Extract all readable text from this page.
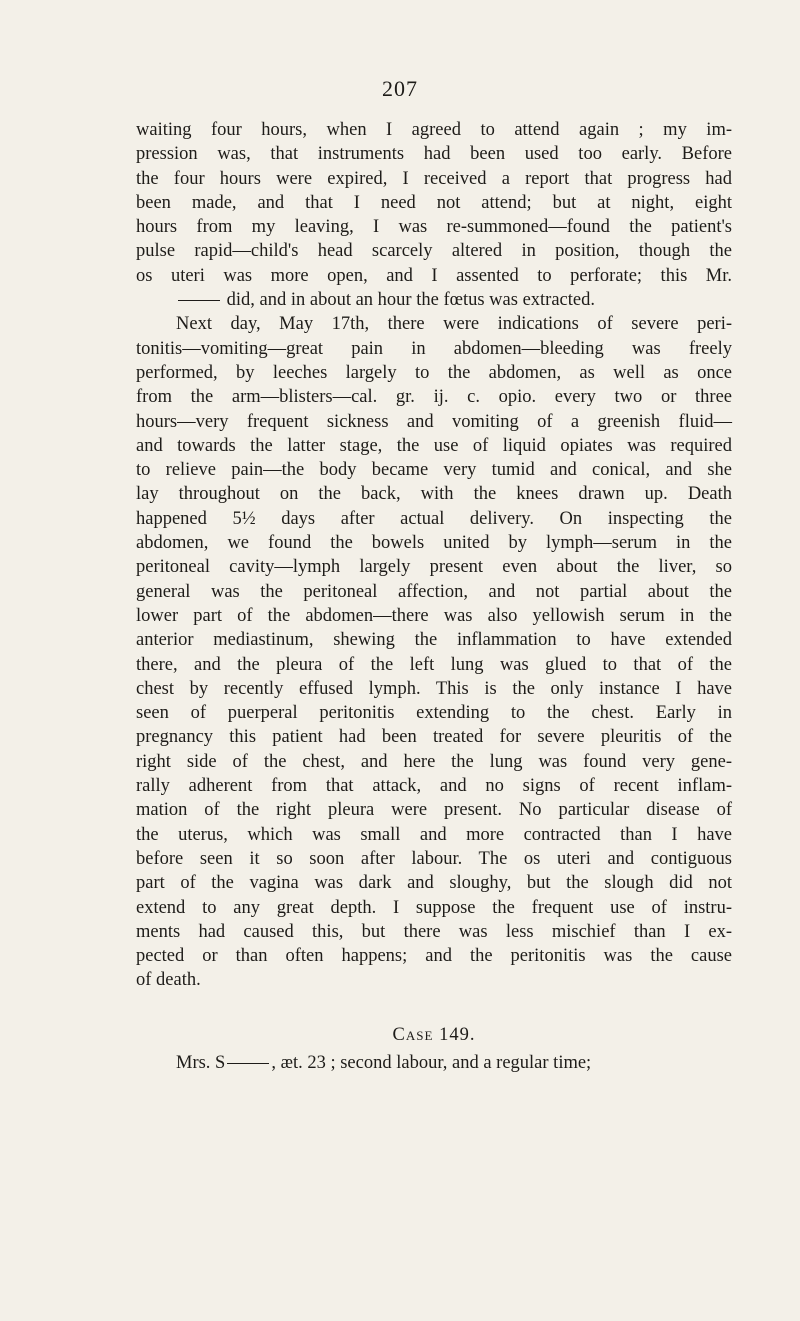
207
waiting four hours, when I agreed to attend again ; my im-
pression was, that instruments had been used too early. Before
the four hours were expired, I received a report that progress had
been made, and that I need not attend; but at night, eight
hours from my leaving, I was re-summoned—found the patient's
pulse rapid—child's head scarcely altered in position, though the
os uteri was more open, and I assented to perforate; this Mr.
did, and in about an hour the fœtus was extracted.
Next day, May 17th, there were indications of severe peri-
tonitis—vomiting—great pain in abdomen—bleeding was freely
performed, by leeches largely to the abdomen, as well as once
from the arm—blisters—cal. gr. ij. c. opio. every two or three
hours—very frequent sickness and vomiting of a greenish fluid—
and towards the latter stage, the use of liquid opiates was required
to relieve pain—the body became very tumid and conical, and she
lay throughout on the back, with the knees drawn up. Death
happened 5½ days after actual delivery. On inspecting the
abdomen, we found the bowels united by lymph—serum in the
peritoneal cavity—lymph largely present even about the liver, so
general was the peritoneal affection, and not partial about the
lower part of the abdomen—there was also yellowish serum in the
anterior mediastinum, shewing the inflammation to have extended
there, and the pleura of the left lung was glued to that of the
chest by recently effused lymph. This is the only instance I have
seen of puerperal peritonitis extending to the chest. Early in
pregnancy this patient had been treated for severe pleuritis of the
right side of the chest, and here the lung was found very gene-
rally adherent from that attack, and no signs of recent inflam-
mation of the right pleura were present. No particular disease of
the uterus, which was small and more contracted than I have
before seen it so soon after labour. The os uteri and contiguous
part of the vagina was dark and sloughy, but the slough did not
extend to any great depth. I suppose the frequent use of instru-
ments had caused this, but there was less mischief than I ex-
pected or than often happens; and the peritonitis was the cause
of death.
Case 149.
Mrs. S , æt. 23 ; second labour, and a regular time;
